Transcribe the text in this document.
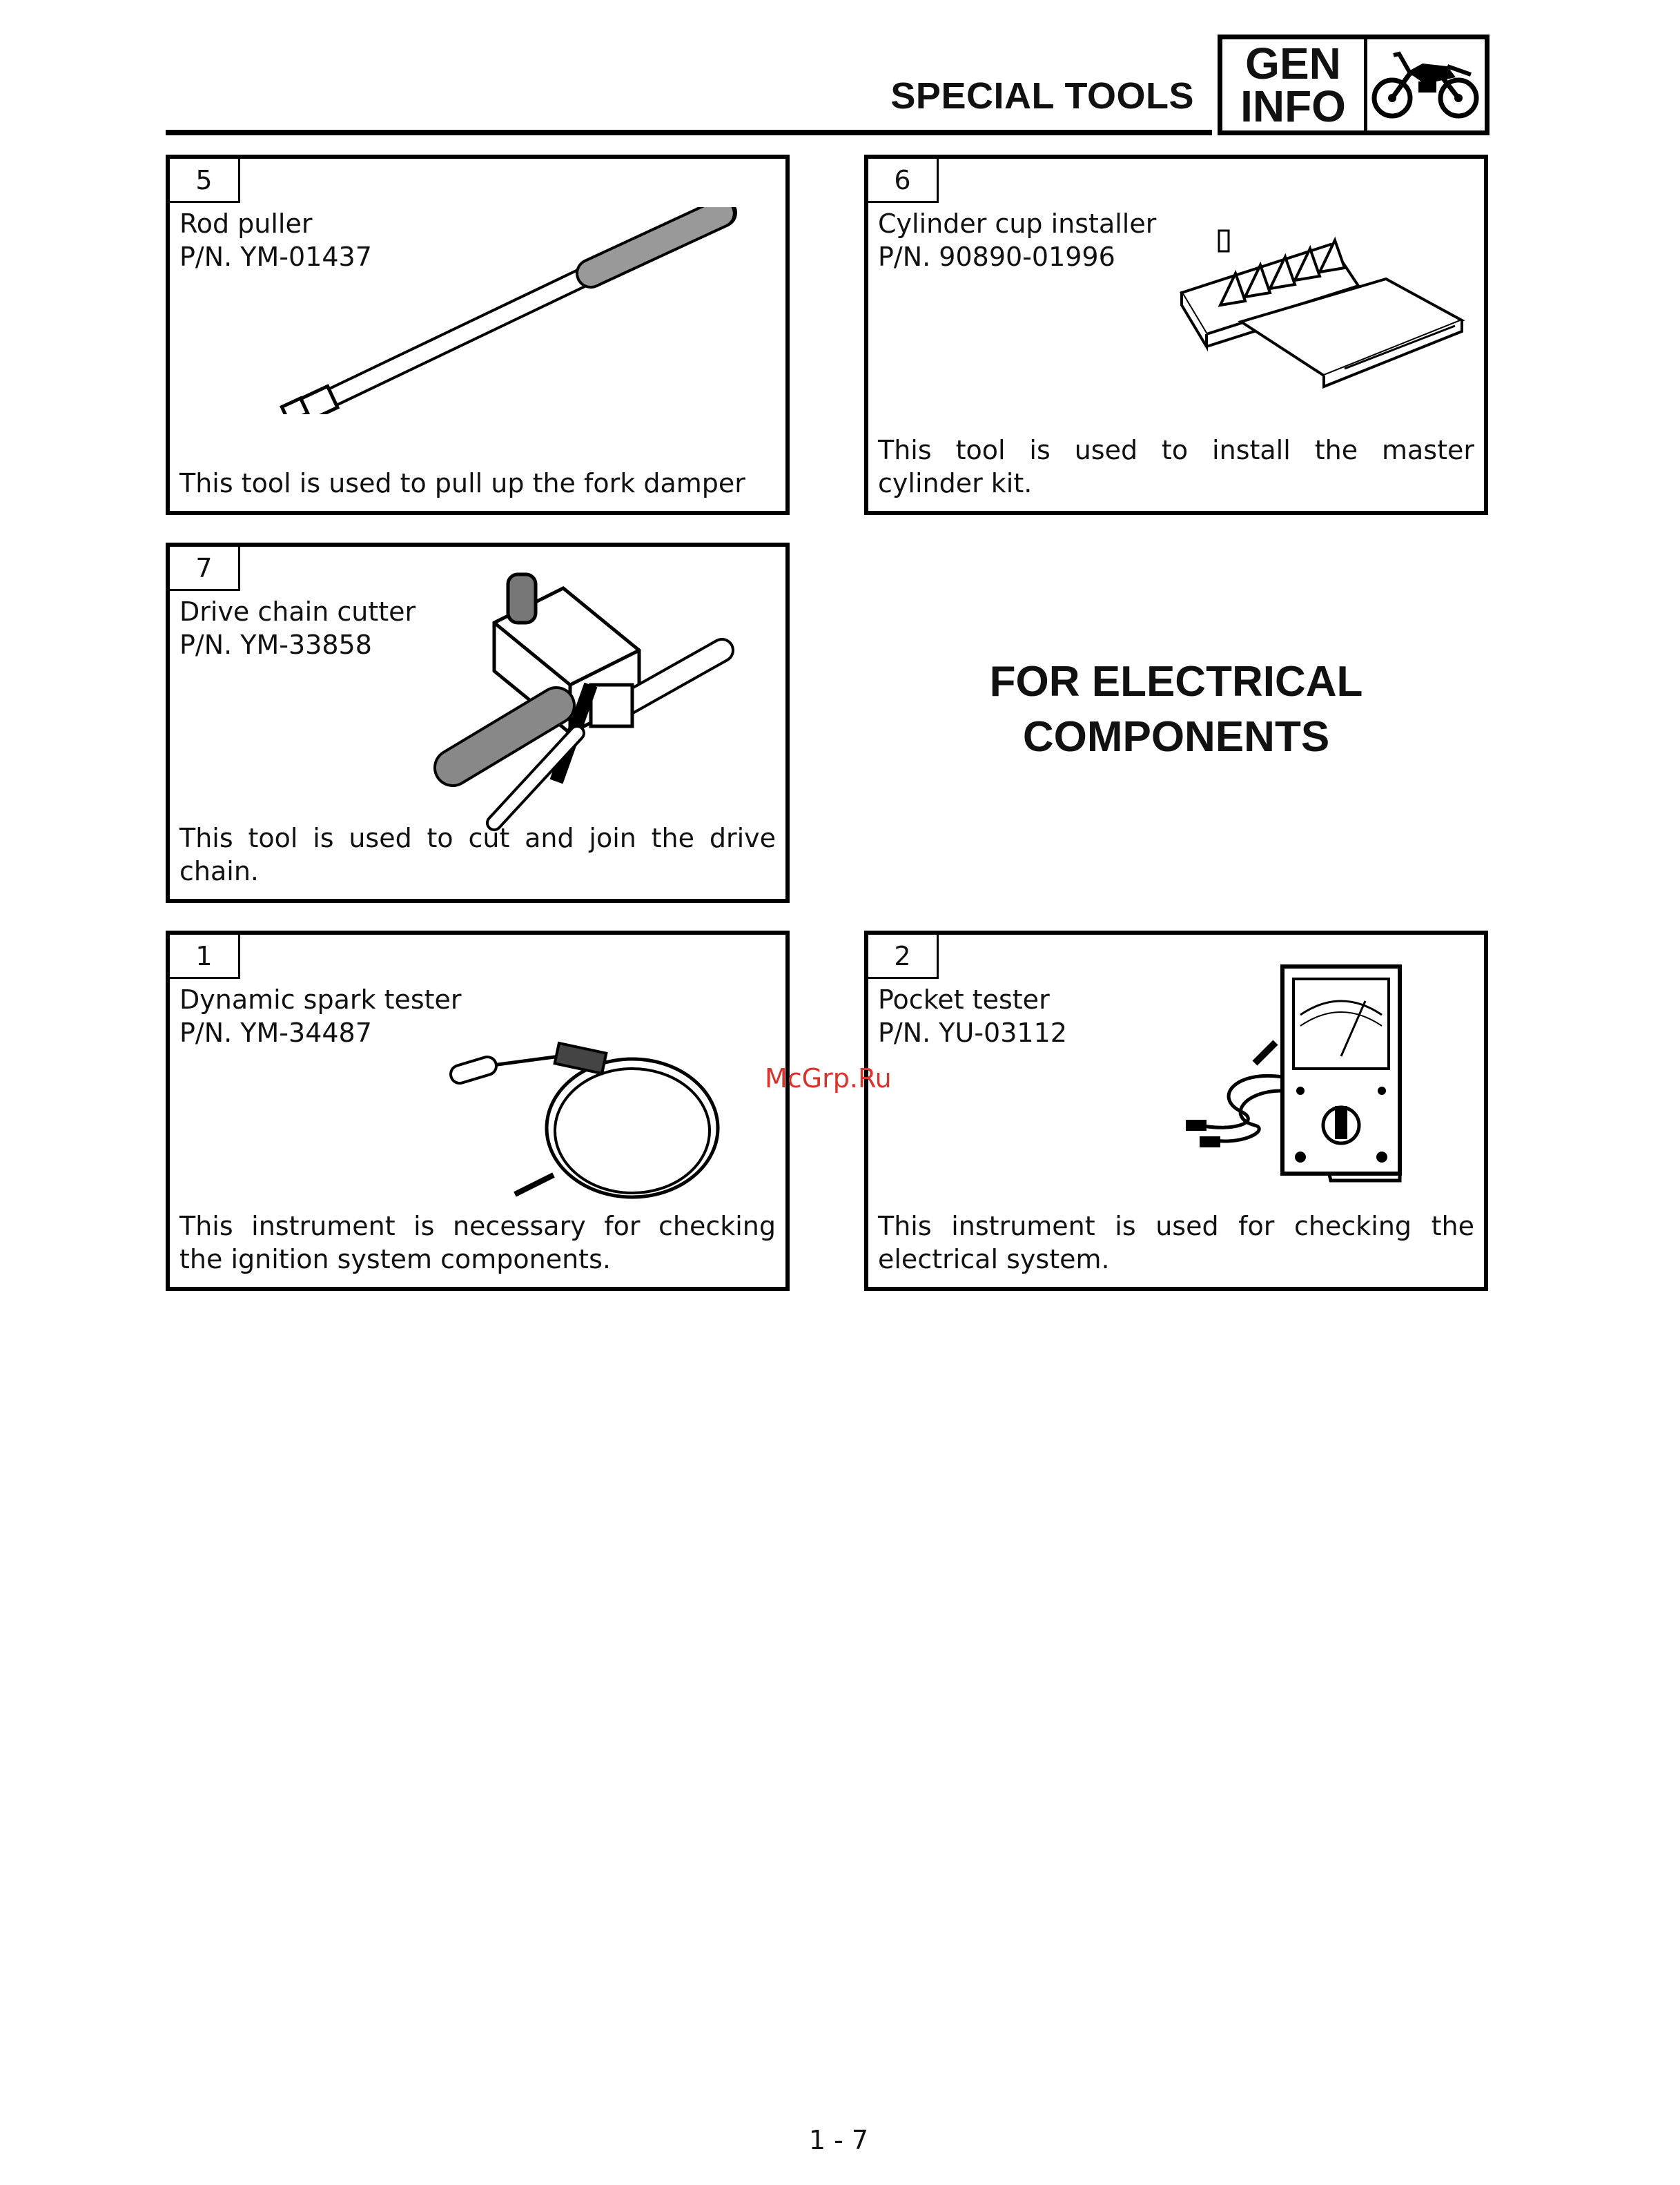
SPECIAL TOOLS
GEN
INFO
5
Rod puller
P/N. YM-01437
This tool is used to pull up the fork damper
6
Cylinder cup installer
P/N. 90890-01996
This tool is used to install the master cylinder kit.
7
Drive chain cutter
P/N. YM-33858
This tool is used to cut and join the drive chain.
FOR ELECTRICAL
COMPONENTS
1
Dynamic spark tester
P/N. YM-34487
This instrument is necessary for checking the ignition system components.
2
Pocket tester
P/N. YU-03112
This instrument is used for checking the electrical system.
McGrp.Ru
1 - 7
